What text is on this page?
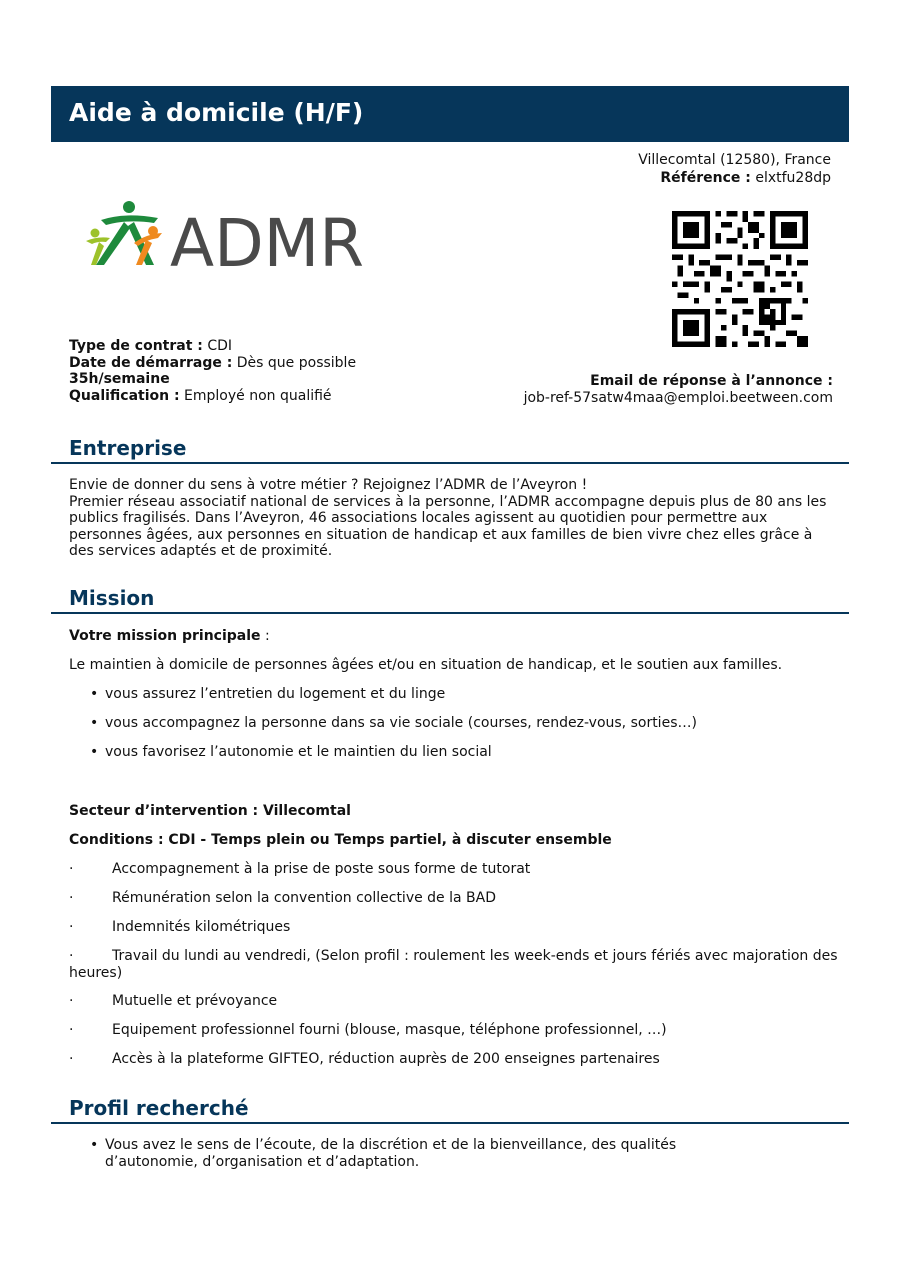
Aide à domicile (H/F)
Villecomtal (12580), France
Référence : elxtfu28dp
ADMR
Type de contrat : CDI
Date de démarrage : Dès que possible
35h/semaine
Qualification : Employé non qualifié
Email de réponse à l’annonce :
job-ref-57satw4maa@emploi.beetween.com
Entreprise
Envie de donner du sens à votre métier ? Rejoignez l’ADMR de l’Aveyron !
Premier réseau associatif national de services à la personne, l’ADMR accompagne depuis plus de 80 ans les publics fragilisés. Dans l’Aveyron, 46 associations locales agissent au quotidien pour permettre aux personnes âgées, aux personnes en situation de handicap et aux familles de bien vivre chez elles grâce à des services adaptés et de proximité.
Mission
Votre mission principale :
Le maintien à domicile de personnes âgées et/ou en situation de handicap, et le soutien aux familles.
• vous assurez l’entretien du logement et du linge
• vous accompagnez la personne dans sa vie sociale (courses, rendez-vous, sorties…)
• vous favorisez l’autonomie et le maintien du lien social
Secteur d’intervention : Villecomtal
Conditions : CDI - Temps plein ou Temps partiel, à discuter ensemble
·	Accompagnement à la prise de poste sous forme de tutorat
·	Rémunération selon la convention collective de la BAD
·	Indemnités kilométriques
·	Travail du lundi au vendredi, (Selon profil : roulement les week-ends et jours fériés avec majoration des heures)
·	Mutuelle et prévoyance
·	Equipement professionnel fourni (blouse, masque, téléphone professionnel, …)
·	Accès à la plateforme GIFTEO, réduction auprès de 200 enseignes partenaires
Profil recherché
• Vous avez le sens de l’écoute, de la discrétion et de la bienveillance, des qualités d’autonomie, d’organisation et d’adaptation.
